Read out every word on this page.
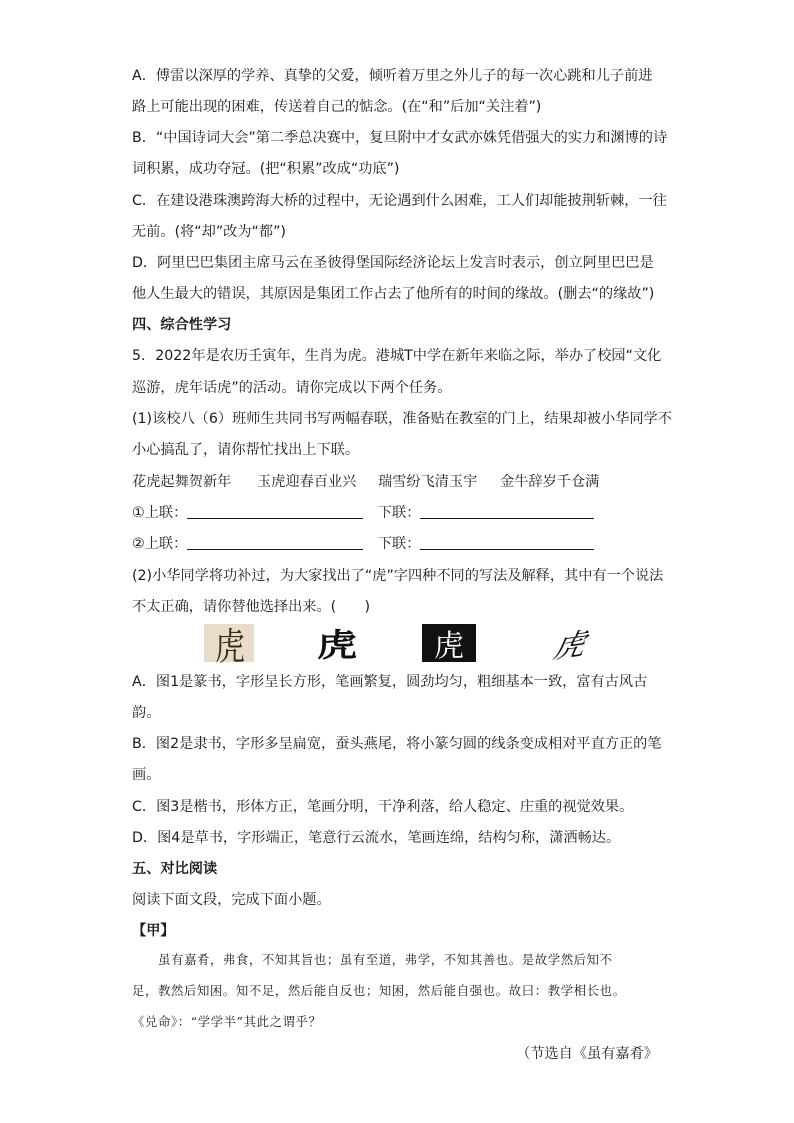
A．傅雷以深厚的学养、真挚的父爱，倾听着万里之外儿子的每一次心跳和儿子前进
路上可能出现的困难，传送着自己的惦念。(在“和”后加“关注着”)
B．“中国诗词大会”第二季总决赛中，复旦附中才女武亦姝凭借强大的实力和渊博的诗
词积累，成功夺冠。(把“积累”改成“功底”)
C．在建设港珠澳跨海大桥的过程中，无论遇到什么困难，工人们却能披荆斩棘，一往
无前。(将“却”改为“都”)
D．阿里巴巴集团主席马云在圣彼得堡国际经济论坛上发言时表示，创立阿里巴巴是
他人生最大的错误，其原因是集团工作占去了他所有的时间的缘故。(删去“的缘故”)
四、综合性学习
5．2022年是农历壬寅年，生肖为虎。港城T中学在新年来临之际，举办了校园“文化
巡游，虎年话虎”的活动。请你完成以下两个任务。
(1)该校八（6）班师生共同书写两幅春联，准备贴在教室的门上，结果却被小华同学不
小心搞乱了，请你帮忙找出上下联。
花虎起舞贺新年 玉虎迎春百业兴 瑞雪纷飞清玉宇 金牛辞岁千仓满
①上联：	下联：
②上联：	下联：
(2)小华同学将功补过，为大家找出了“虎”字四种不同的写法及解释，其中有一个说法
不太正确，请你替他选择出来。(　　)
虎 虎	虎	虎
A．图1是篆书，字形呈长方形，笔画繁复，圆劲均匀，粗细基本一致，富有古风古
韵。
B．图2是隶书，字形多呈扁宽，蚕头燕尾，将小篆匀圆的线条变成相对平直方正的笔
画。
C．图3是楷书，形体方正，笔画分明，干净利落，给人稳定、庄重的视觉效果。
D．图4是草书，字形端正，笔意行云流水，笔画连绵，结构匀称，潇洒畅达。
五、对比阅读
阅读下面文段，完成下面小题。
【甲】
　　虽有嘉肴，弗食，不知其旨也；虽有至道，弗学，不知其善也。是故学然后知不
足，教然后知困。知不足，然后能自反也；知困，然后能自强也。故曰：教学相长也。
《兑命》：“学学半”其此之谓乎？
（节选自《虽有嘉肴》
